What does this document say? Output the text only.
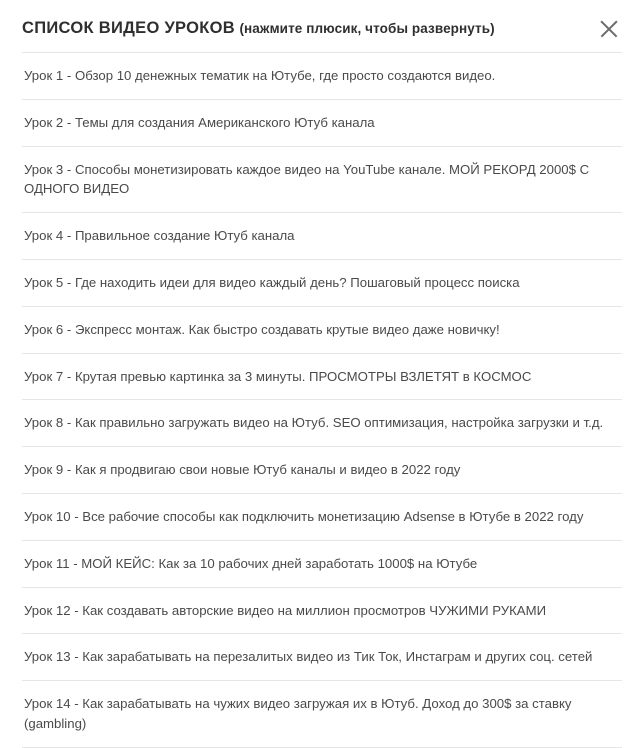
СПИСОК ВИДЕО УРОКОВ (нажмите плюсик, чтобы развернуть)
Урок 1 - Обзор 10 денежных тематик на Ютубе, где просто создаются видео.
Урок 2 - Темы для создания Американского Ютуб канала
Урок 3 - Способы монетизировать каждое видео на YouTube канале. МОЙ РЕКОРД 2000$ С ОДНОГО ВИДЕО
Урок 4 - Правильное создание Ютуб канала
Урок 5 - Где находить идеи для видео каждый день? Пошаговый процесс поиска
Урок 6 - Экспресс монтаж. Как быстро создавать крутые видео даже новичку!
Урок 7 - Крутая превью картинка за 3 минуты. ПРОСМОТРЫ ВЗЛЕТЯТ в КОСМОС
Урок 8 - Как правильно загружать видео на Ютуб. SEO оптимизация, настройка загрузки и т.д.
Урок 9 - Как я продвигаю свои новые Ютуб каналы и видео в 2022 году
Урок 10 - Все рабочие способы как подключить монетизацию Adsense в Ютубе в 2022 году
Урок 11 - МОЙ КЕЙС: Как за 10 рабочих дней заработать 1000$ на Ютубе
Урок 12 - Как создавать авторские видео на миллион просмотров ЧУЖИМИ РУКАМИ
Урок 13 - Как зарабатывать на перезалитых видео из Тик Ток, Инстаграм и других соц. сетей
Урок 14 - Как зарабатывать на чужих видео загружая их в Ютуб. Доход до 300$ за ставку (gambling)
